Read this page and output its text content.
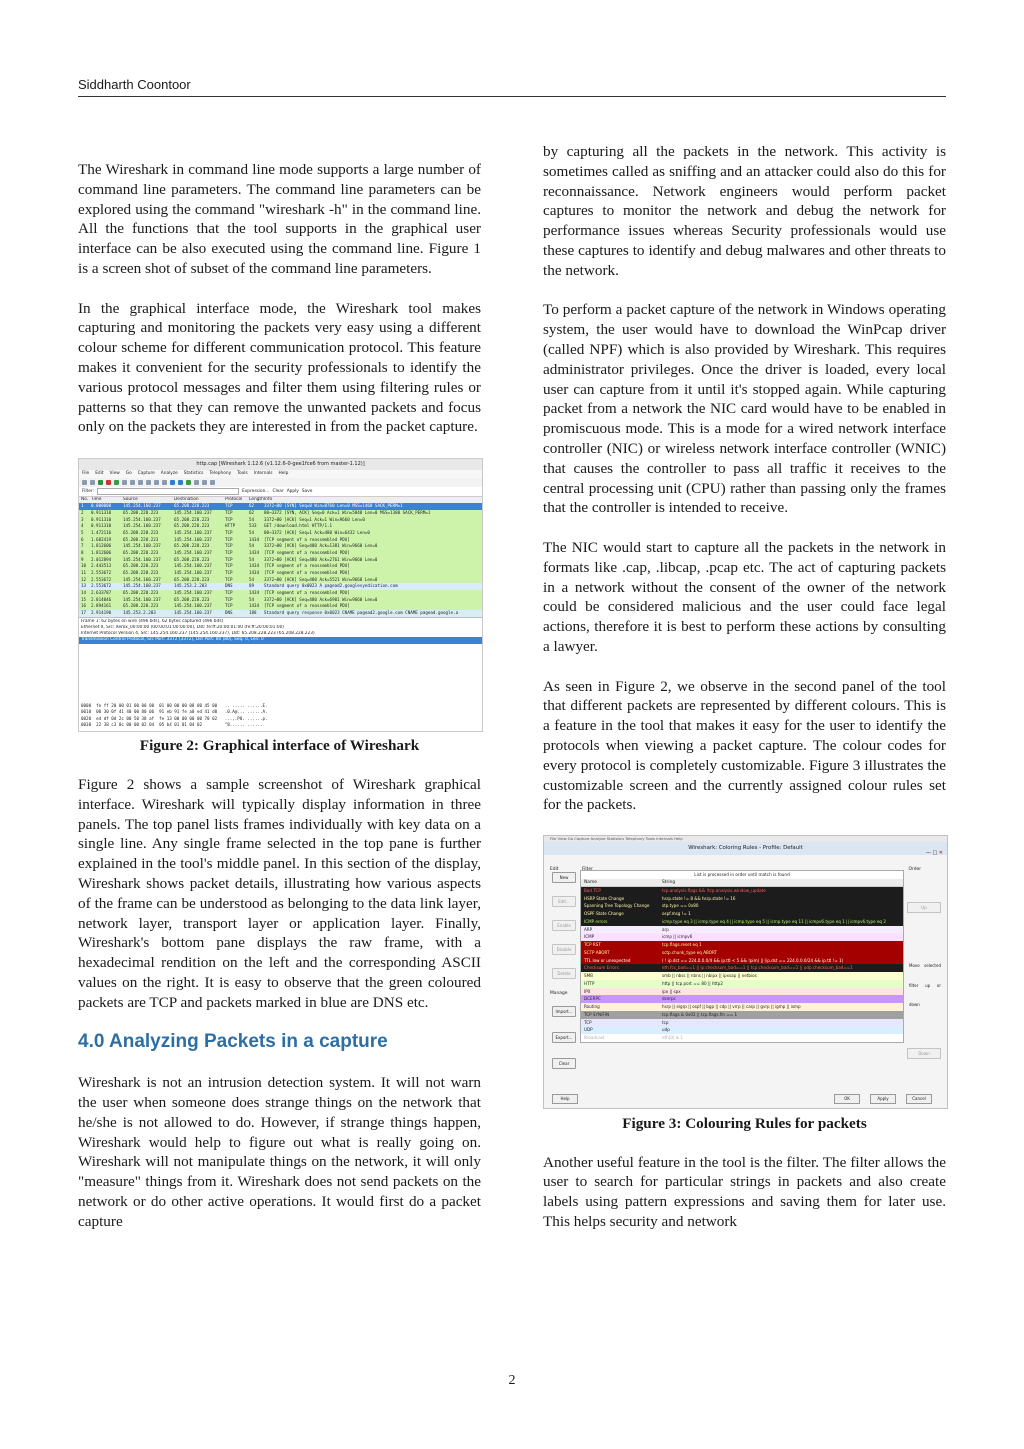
Siddharth Coontoor

The Wireshark in command line mode supports a large number of command line parameters. The command line parameters can be explored using the command "wireshark -h" in the command line. All the functions that the tool supports in the graphical user interface can be also executed using the command line. Figure 1 is a screen shot of subset of the command line parameters.

In the graphical interface mode, the Wireshark tool makes capturing and monitoring the packets very easy using a different colour scheme for different communication protocol. This feature makes it convenient for the security professionals to identify the various protocol messages and filter them using filtering rules or patterns so that they can remove the unwanted packets and focus only on the packets they are interested in from the packet capture.

http.cap [Wireshark 1.12.6 (v1.12.6-0-gee1fce6 from master-1.12)]
File Edit View Go Capture Analyze Statistics Telephony Tools Internals Help
Filter:	Expression... Clear Apply Save
No. Time	Source	Destination	Protocol LengthInfo
1 0.000000	145.254.160.237	65.208.228.223	TCP	62 3372→80 [SYN] Seq=0 Win=8760 Len=0 MSS=1460 SACK_PERM=1
2 0.911310	65.208.228.223	145.254.160.237	TCP	62 80→3372 [SYN, ACK] Seq=0 Ack=1 Win=5840 Len=0 MSS=1380 SACK_PERM=1
3 0.911310	145.254.160.237	65.208.228.223	TCP	54 3372→80 [ACK] Seq=1 Ack=1 Win=9660 Len=0
4 0.911310	145.254.160.237	65.208.228.223	HTTP	533 GET /download.html HTTP/1.1
5 1.472116	65.208.228.223	145.254.160.237	TCP	54 80→3372 [ACK] Seq=1 Ack=480 Win=6432 Len=0
6 1.682419	65.208.228.223	145.254.160.237	TCP	1434 [TCP segment of a reassembled PDU]
7 1.812606	145.254.160.237	65.208.228.223	TCP	54 3372→80 [ACK] Seq=480 Ack=1381 Win=9660 Len=0
8 1.812606	65.208.228.223	145.254.160.237	TCP	1434 [TCP segment of a reassembled PDU]
9 2.012894	145.254.160.237	65.208.228.223	TCP	54 3372→80 [ACK] Seq=480 Ack=2761 Win=9660 Len=0
10 2.443513	65.208.228.223	145.254.160.237	TCP	1434 [TCP segment of a reassembled PDU]
11 2.553672	65.208.228.223	145.254.160.237	TCP	1434 [TCP segment of a reassembled PDU]
12 2.553672	145.254.160.237	65.208.228.223	TCP	54 3372→80 [ACK] Seq=480 Ack=5521 Win=9660 Len=0
13 2.553672	145.254.160.237	145.253.2.203	DNS	89 Standard query 0x0023 A pagead2.googlesyndication.com
14 2.633787	65.208.228.223	145.254.160.237	TCP	1434 [TCP segment of a reassembled PDU]
15 2.814046	145.254.160.237	65.208.228.223	TCP	54 3372→80 [ACK] Seq=480 Ack=6901 Win=9660 Len=0
16 2.894161	65.208.228.223	145.254.160.237	TCP	1434 [TCP segment of a reassembled PDU]
17 2.914190	145.253.2.203	145.254.160.237	DNS	188 Standard query response 0x0023 CNAME pagead2.google.com CNAME pagead.google.a
Frame 1: 62 bytes on wire (496 bits), 62 bytes captured (496 bits)
Ethernet II, Src: Xerox_00:00:00 (00:00:01:00:00:00), Dst: fe:ff:20:00:01:00 (fe:ff:20:00:01:00)
Internet Protocol Version 4, Src: 145.254.160.237 (145.254.160.237), Dst: 65.208.228.223 (65.208.228.223)
Transmission Control Protocol, Src Port: 3372 (3372), Dst Port: 80 (80), Seq: 0, Len: 0
0000  fe ff 20 00 01 00 00 00  01 00 00 00 08 00 45 00   .. ..... ......E.
0010  00 30 0f 41 40 00 80 06  91 eb 91 fe a0 ed 41 d0   .0.A@... ......A.
0020  e4 df 0d 2c 00 50 38 af  fe 13 00 00 00 00 70 02   ...,.P8. ......p.
0030  22 38 c3 0c 00 00 02 04  05 b4 01 01 04 02         "8...... ......
Figure 2: Graphical interface of Wireshark

Figure 2 shows a sample screenshot of Wireshark graphical interface. Wireshark will typically display information in three panels. The top panel lists frames individually with key data on a single line. Any single frame selected in the top pane is further explained in the tool's middle panel. In this section of the display, Wireshark shows packet details, illustrating how various aspects of the frame can be understood as belonging to the data link layer, network layer, transport layer or application layer. Finally, Wireshark's bottom pane displays the raw frame, with a hexadecimal rendition on the left and the corresponding ASCII values on the right. It is easy to observe that the green coloured packets are TCP and packets marked in blue are DNS etc.

4.0 Analyzing Packets in a capture

Wireshark is not an intrusion detection system. It will not warn the user when someone does strange things on the network that he/she is not allowed to do. However, if strange things happen, Wireshark would help to figure out what is really going on. Wireshark will not manipulate things on the network, it will only "measure" things from it. Wireshark does not send packets on the network or do other active operations. It would first do a packet capture

by capturing all the packets in the network. This activity is sometimes called as sniffing and an attacker could also do this for reconnaissance. Network engineers would perform packet captures to monitor the network and debug the network for performance issues whereas Security professionals would use these captures to identify and debug malwares and other threats to the network.

To perform a packet capture of the network in Windows operating system, the user would have to download the WinPcap driver (called NPF) which is also provided by Wireshark. This requires administrator privileges. Once the driver is loaded, every local user can capture from it until it's stopped again. While capturing packet from a network the NIC card would have to be enabled in promiscuous mode. This is a mode for a wired network interface controller (NIC) or wireless network interface controller (WNIC) that causes the controller to pass all traffic it receives to the central processing unit (CPU) rather than passing only the frames that the controller is intended to receive.

The NIC would start to capture all the packets in the network in formats like .cap, .libcap, .pcap etc. The act of capturing packets in a network without the consent of the owner of the network could be considered malicious and the user could face legal actions, therefore it is best to perform these actions by consulting a lawyer.

As seen in Figure 2, we observe in the second panel of the tool that different packets are represented by different colours. This is a feature in the tool that makes it easy for the user to identify the protocols when viewing a packet capture. The colour codes for every protocol is completely customizable. Figure 3 illustrates the customizable screen and the currently assigned colour rules set for the packets.

File View Go Capture Analyze Statistics Telephony Tools Internals Help
Wireshark: Coloring Rules - Profile: Default
— □ ✕
Edit	Order
Manage
New
Edit...
Enable
Disable
Delete
Import...
Export...
Clear
List is processed in order until match is found
Name	String
Bad TCP	tcp.analysis.flags && !tcp.analysis.window_update
HSRP State Change	hsrp.state != 8 && hsrp.state != 16
Spanning Tree Topology Change	stp.type == 0x80
OSPF State Change	ospf.msg != 1
ICMP errors	icmp.type eq 3 || icmp.type eq 4 || icmp.type eq 5 || icmp.type eq 11 || icmpv6.type eq 1 || icmpv6.type eq 2
ARP	arp
ICMP	icmp || icmpv6
TCP RST	tcp.flags.reset eq 1
SCTP ABORT	sctp.chunk_type eq ABORT
TTL low or unexpected	( ! ip.dst == 224.0.0.0/4 && ip.ttl < 5 && !pim) || (ip.dst == 224.0.0.0/24 && ip.ttl != 1)
Checksum Errors	eth.fcs_bad==1 || ip.checksum_bad==1 || tcp.checksum_bad==1 || udp.checksum_bad==1
SMB	smb || nbss || nbns || nbipx || ipxsap || netbios
HTTP	http || tcp.port == 80 || http2
IPX	ipx || spx
DCERPC	dcerpc
Routing	hsrp || eigrp || ospf || bgp || cdp || vrrp || carp || gvrp || igmp || ismp
TCP SYN/FIN	tcp.flags & 0x02 || tcp.flags.fin == 1
TCP	tcp
UDP	udp
Broadcast	eth[0] & 1
Up
Move selected filter up or down
Down
Help	OK	Apply	Cancel
Figure 3: Colouring Rules for packets

Another useful feature in the tool is the filter. The filter allows the user to search for particular strings in packets and also create labels using pattern expressions and saving them for later use. This helps security and network

2
